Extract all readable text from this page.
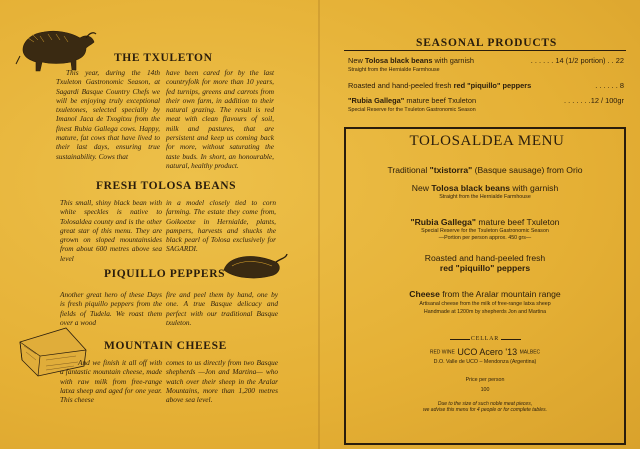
THE TXULETON
This year, during the 14th Txuleton Gastronomic Season, at Sagardi Basque Country Chefs we will be enjoying truly exceptional txuletones, selected specially by Imanol Jaca de Txogitxu from the finest Rubia Gallega cows. Happy, mature, fat cows that have lived to their last days, ensuring true sustainability. Cows that
have been cared for by the last countryfolk for more than 10 years, fed turnips, greens and carrots from their own farm, in addition to their natural grazing. The result is red meat with clean flavours of soil, milk and pastures, that are persistent and keep us coming back for more, without saturating the taste buds. In short, an honourable, natural, healthy product.
FRESH TOLOSA BEANS
This small, shiny black bean with white speckles is native to Tolosaldea county and is the other great star of this menu. They are grown on sloped mountainsides from about 600 metres above sea level
in a model closely tied to corn farming. The estate they come from, Goikoetxe in Hernialde, plants, pampers, harvests and shucks the black pearl of Tolosa exclusively for SAGARDI.
PIQUILLO PEPPERS
Another great hero of these Days is fresh piquillo peppers from the fields of Tudela. We roast them over a wood
fire and peel them by hand, one by one. A true Basque delicacy and perfect with our traditional Basque txuleton.
MOUNTAIN CHEESE
And we finish it all off with a fantastic mountain cheese, made with raw milk from free-range latxa sheep and aged for one year. This cheese
comes to us directly from two Basque shepherds —Jon and Martina— who watch over their sheep in the Aralar Mountains, more than 1,200 metres above sea level.
SEASONAL PRODUCTS
New Tolosa black beans with garnish	. . . . . . 14 (1/2 portion) . . 22
Straight from the Hernialde Farmhouse
Roasted and hand-peeled fresh red "piquillo" peppers	. . . . . . 8
"Rubia Gallega" mature beef Txuleton	. . . . . . .12 / 100gr
Special Reserve for the Txuleton Gastronomic Season
TOLOSALDEA MENU
Traditional "txistorra" (Basque sausage) from Orio
New Tolosa black beans with garnish
Straight from the Hernialde Farmhouse
"Rubia Gallega" mature beef Txuleton
Special Reserve for the Txuleton Gastronomic Season
—Portion per person approx. 450 grs—
Roasted and hand-peeled fresh
red "piquillo" peppers
Cheese from the Aralar mountain range
Artisanal cheese from the milk of free-range latxa sheep
Handmade at 1200m by shepherds Jon and Martina
CELLAR
RED WINE UCO Acero '13 MALBEC
D.O. Valle de UCO – Mendonza (Argentina)
Price per person
100
Due to the size of such noble meat pieces,
we advise this menu for 4 people or for complete tables.
